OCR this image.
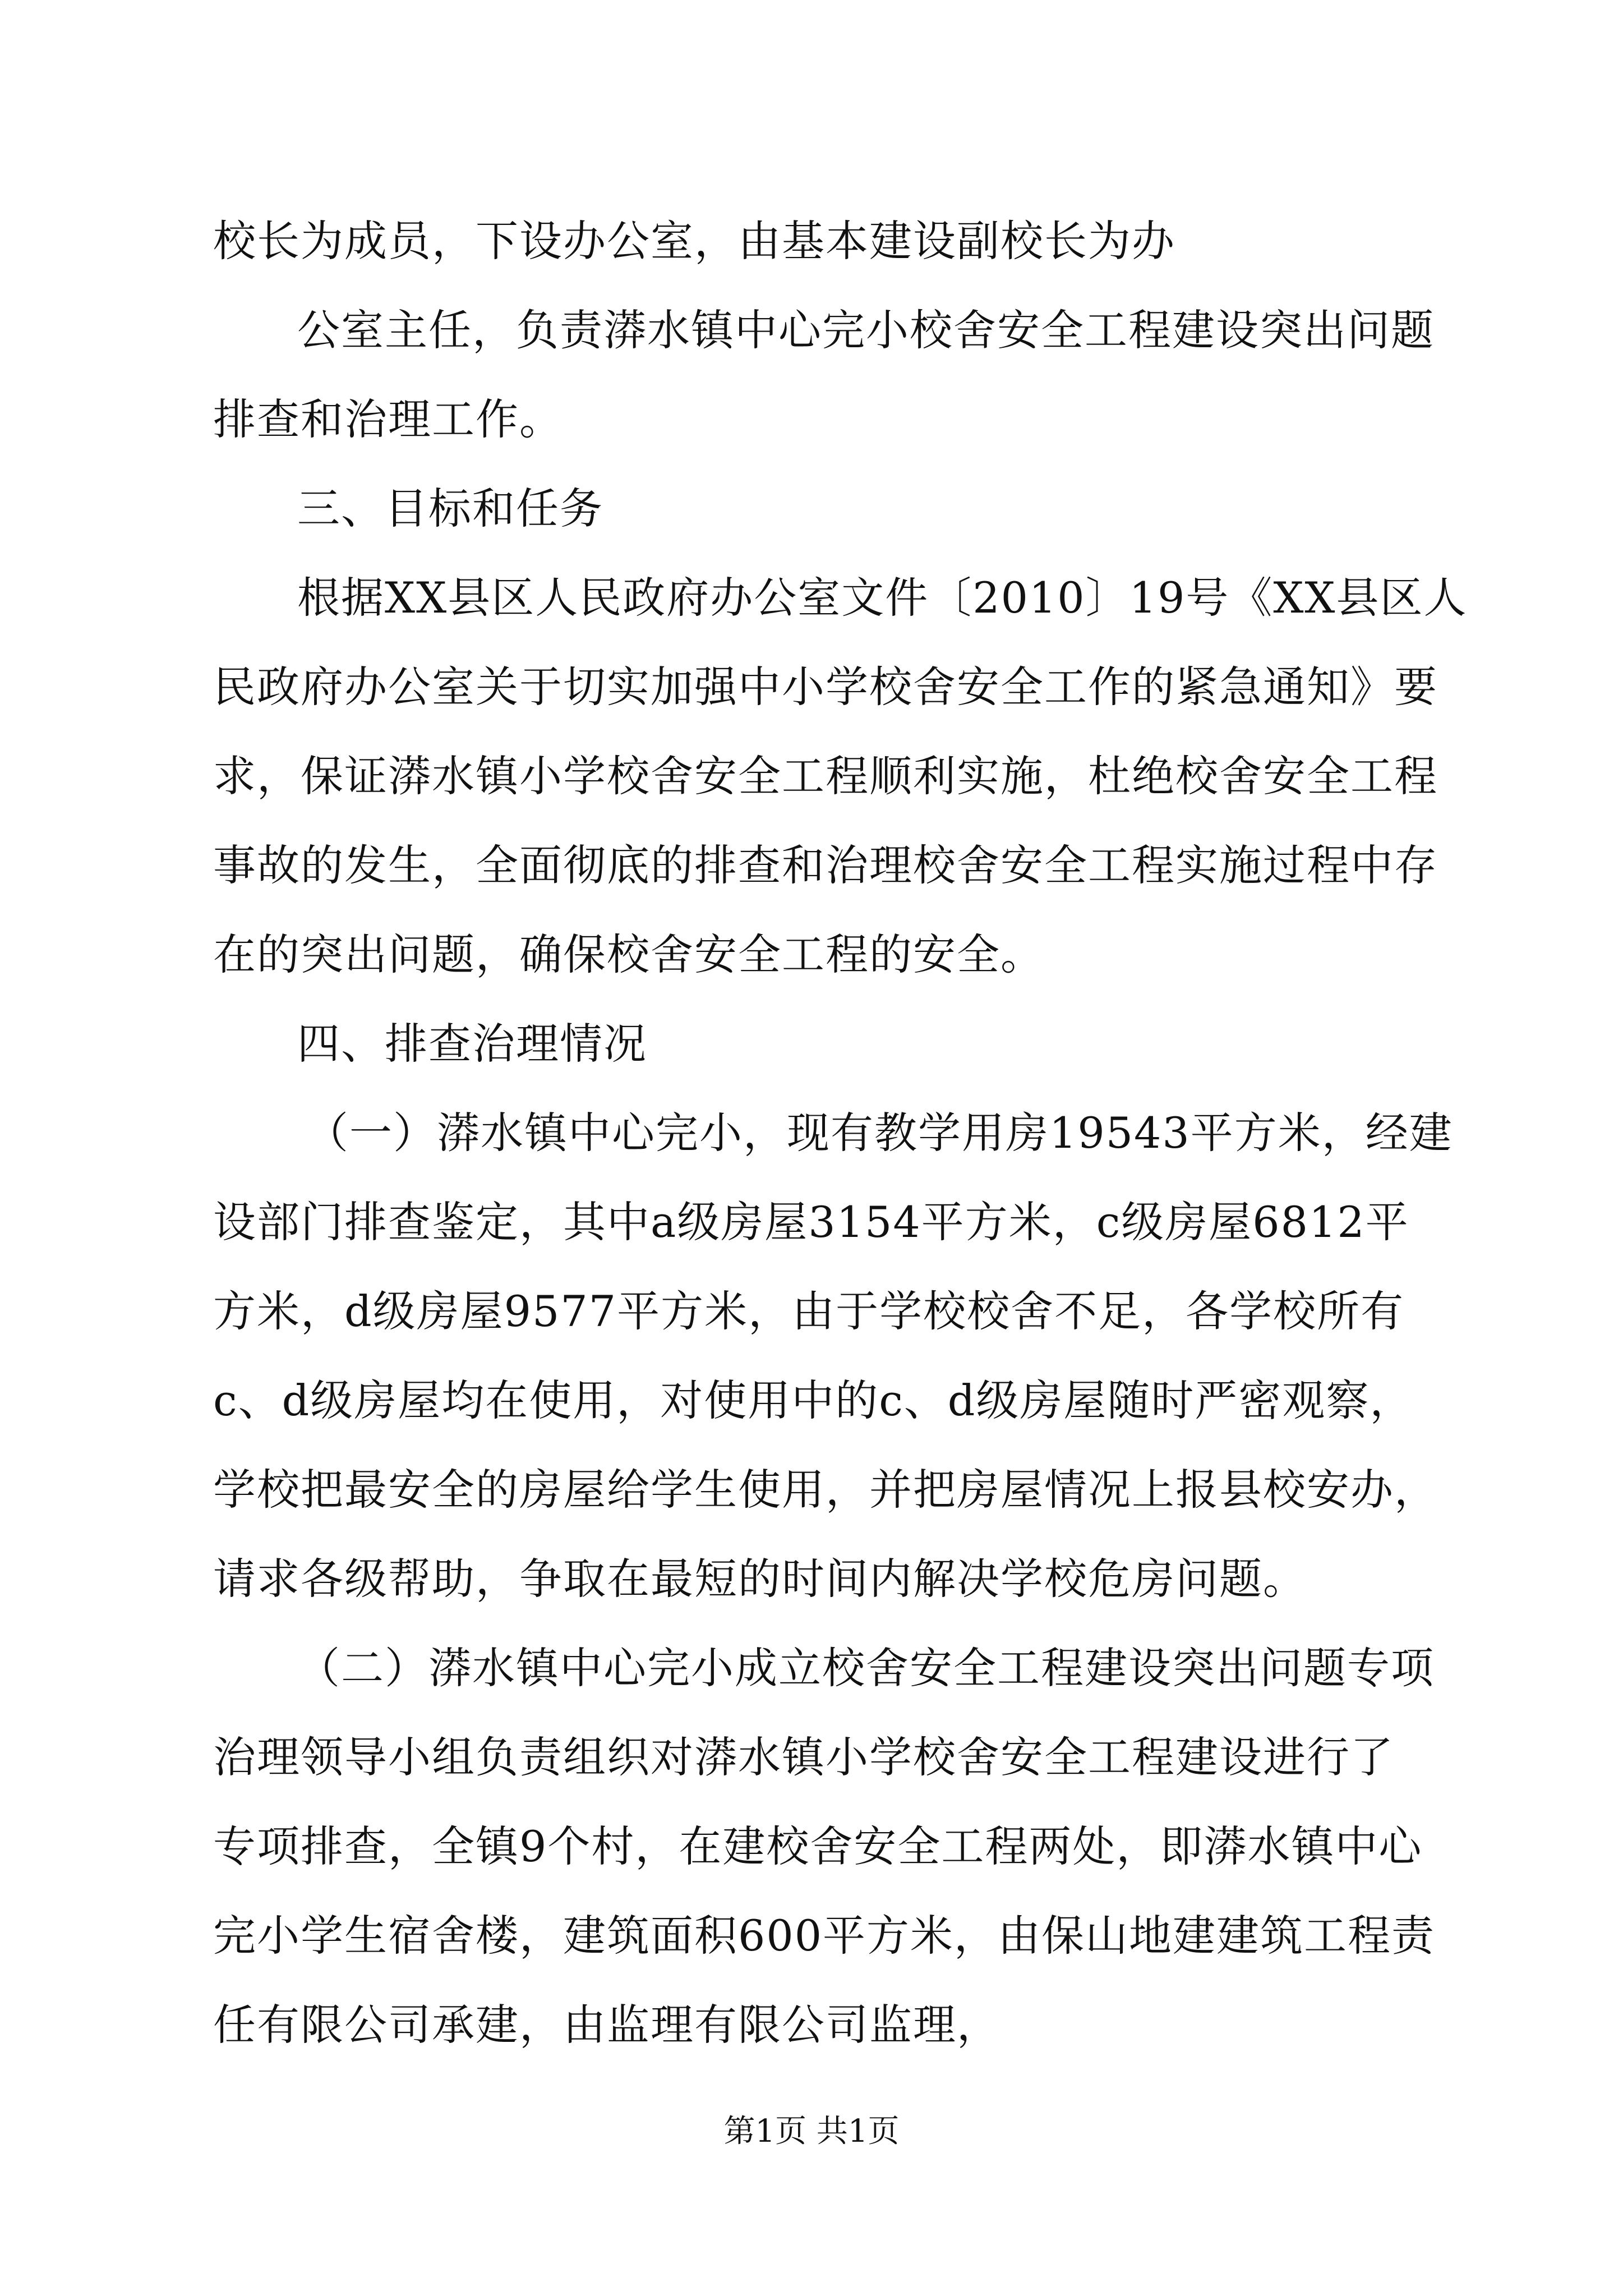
校长为成员，下设办公室，由基本建设副校长为办
公室主任，负责漭水镇中心完小校舍安全工程建设突出问题
排查和治理工作。
三、目标和任务
根据XX县区人民政府办公室文件〔2010〕19号《XX县区人
民政府办公室关于切实加强中小学校舍安全工作的紧急通知》要
求，保证漭水镇小学校舍安全工程顺利实施，杜绝校舍安全工程
事故的发生，全面彻底的排查和治理校舍安全工程实施过程中存
在的突出问题，确保校舍安全工程的安全。
四、排查治理情况
（一）漭水镇中心完小，现有教学用房19543平方米，经建
设部门排查鉴定，其中a级房屋3154平方米，c级房屋6812平
方米，d级房屋9577平方米，由于学校校舍不足，各学校所有
c、d级房屋均在使用，对使用中的c、d级房屋随时严密观察，
学校把最安全的房屋给学生使用，并把房屋情况上报县校安办，
请求各级帮助，争取在最短的时间内解决学校危房问题。
（二）漭水镇中心完小成立校舍安全工程建设突出问题专项
治理领导小组负责组织对漭水镇小学校舍安全工程建设进行了
专项排查，全镇9个村，在建校舍安全工程两处，即漭水镇中心
完小学生宿舍楼，建筑面积600平方米，由保山地建建筑工程责
任有限公司承建，由监理有限公司监理，
第1页 共1页
